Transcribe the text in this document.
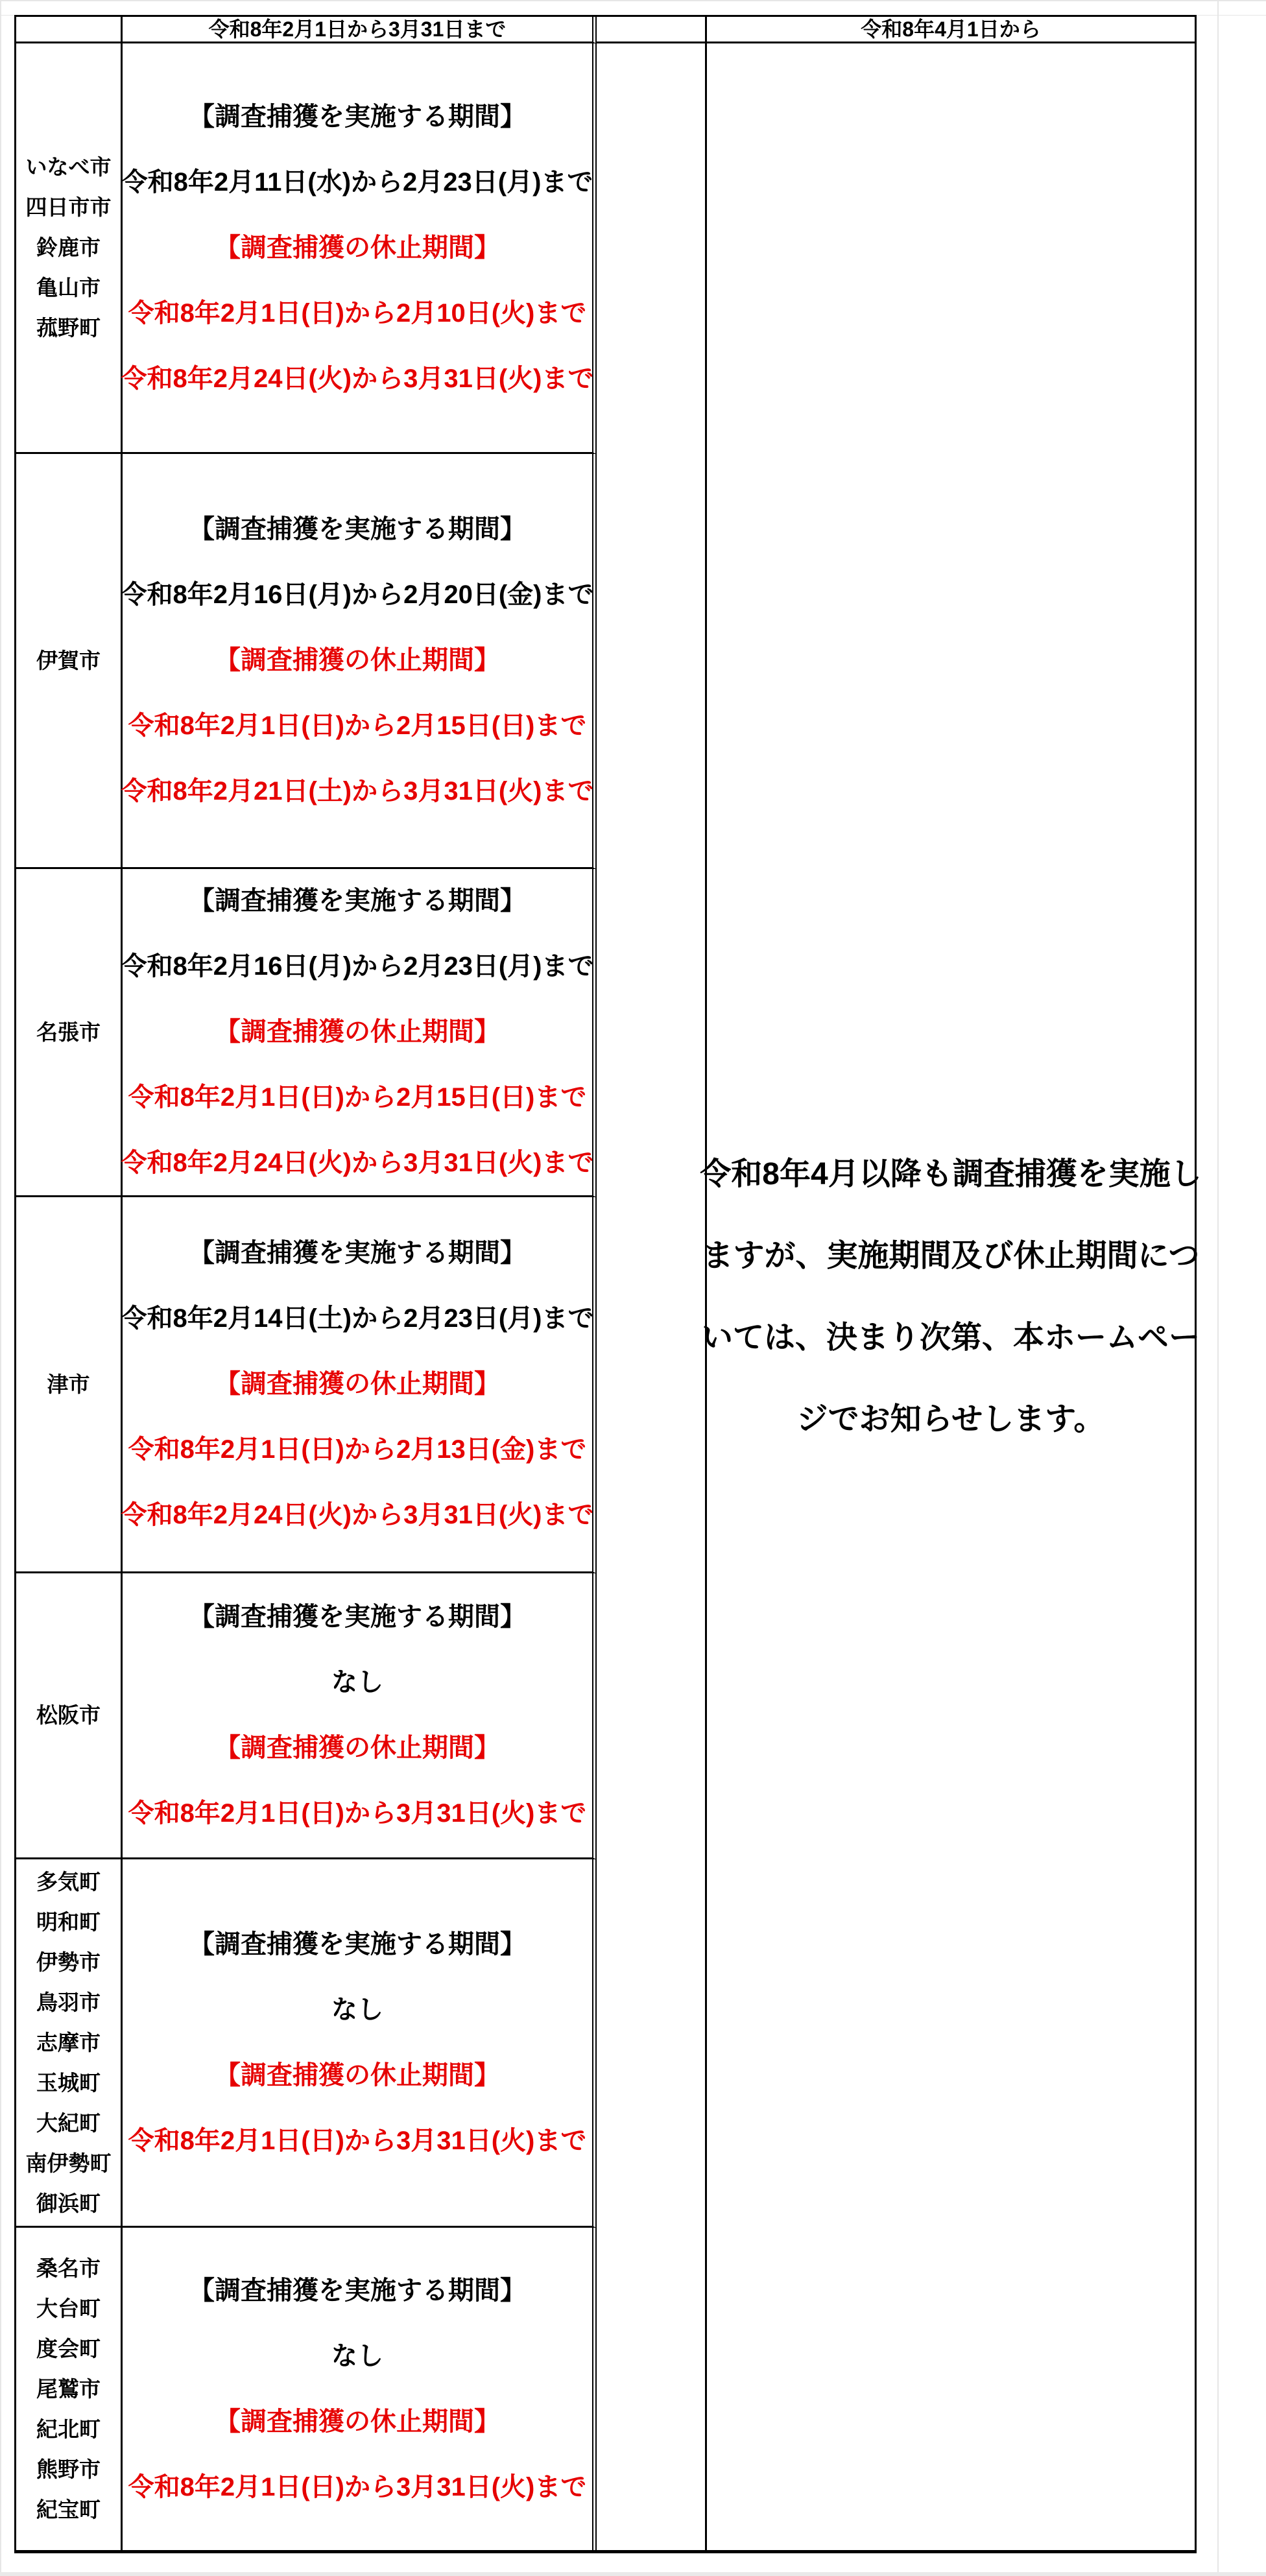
令和8年2月1日から3月31日まで	令和8年4月1日から
いなべ市
四日市市
鈴鹿市
亀山市
菰野町
【調査捕獲を実施する期間】
令和8年2月11日(水)から2月23日(月)まで
【調査捕獲の休止期間】
令和8年2月1日(日)から2月10日(火)まで
令和8年2月24日(火)から3月31日(火)まで
伊賀市
【調査捕獲を実施する期間】
令和8年2月16日(月)から2月20日(金)まで
【調査捕獲の休止期間】
令和8年2月1日(日)から2月15日(日)まで
令和8年2月21日(土)から3月31日(火)まで
名張市
【調査捕獲を実施する期間】
令和8年2月16日(月)から2月23日(月)まで
【調査捕獲の休止期間】
令和8年2月1日(日)から2月15日(日)まで
令和8年2月24日(火)から3月31日(火)まで
津市
【調査捕獲を実施する期間】
令和8年2月14日(土)から2月23日(月)まで
【調査捕獲の休止期間】
令和8年2月1日(日)から2月13日(金)まで
令和8年2月24日(火)から3月31日(火)まで
松阪市
【調査捕獲を実施する期間】
なし
【調査捕獲の休止期間】
令和8年2月1日(日)から3月31日(火)まで
多気町
明和町
伊勢市
鳥羽市
志摩市
玉城町
大紀町
南伊勢町
御浜町
【調査捕獲を実施する期間】
なし
【調査捕獲の休止期間】
令和8年2月1日(日)から3月31日(火)まで
桑名市
大台町
度会町
尾鷲市
紀北町
熊野市
紀宝町
【調査捕獲を実施する期間】
なし
【調査捕獲の休止期間】
令和8年2月1日(日)から3月31日(火)まで
令和8年4月以降も調査捕獲を実施し
ますが、実施期間及び休止期間につ
いては、決まり次第、本ホームペー
ジでお知らせします。
